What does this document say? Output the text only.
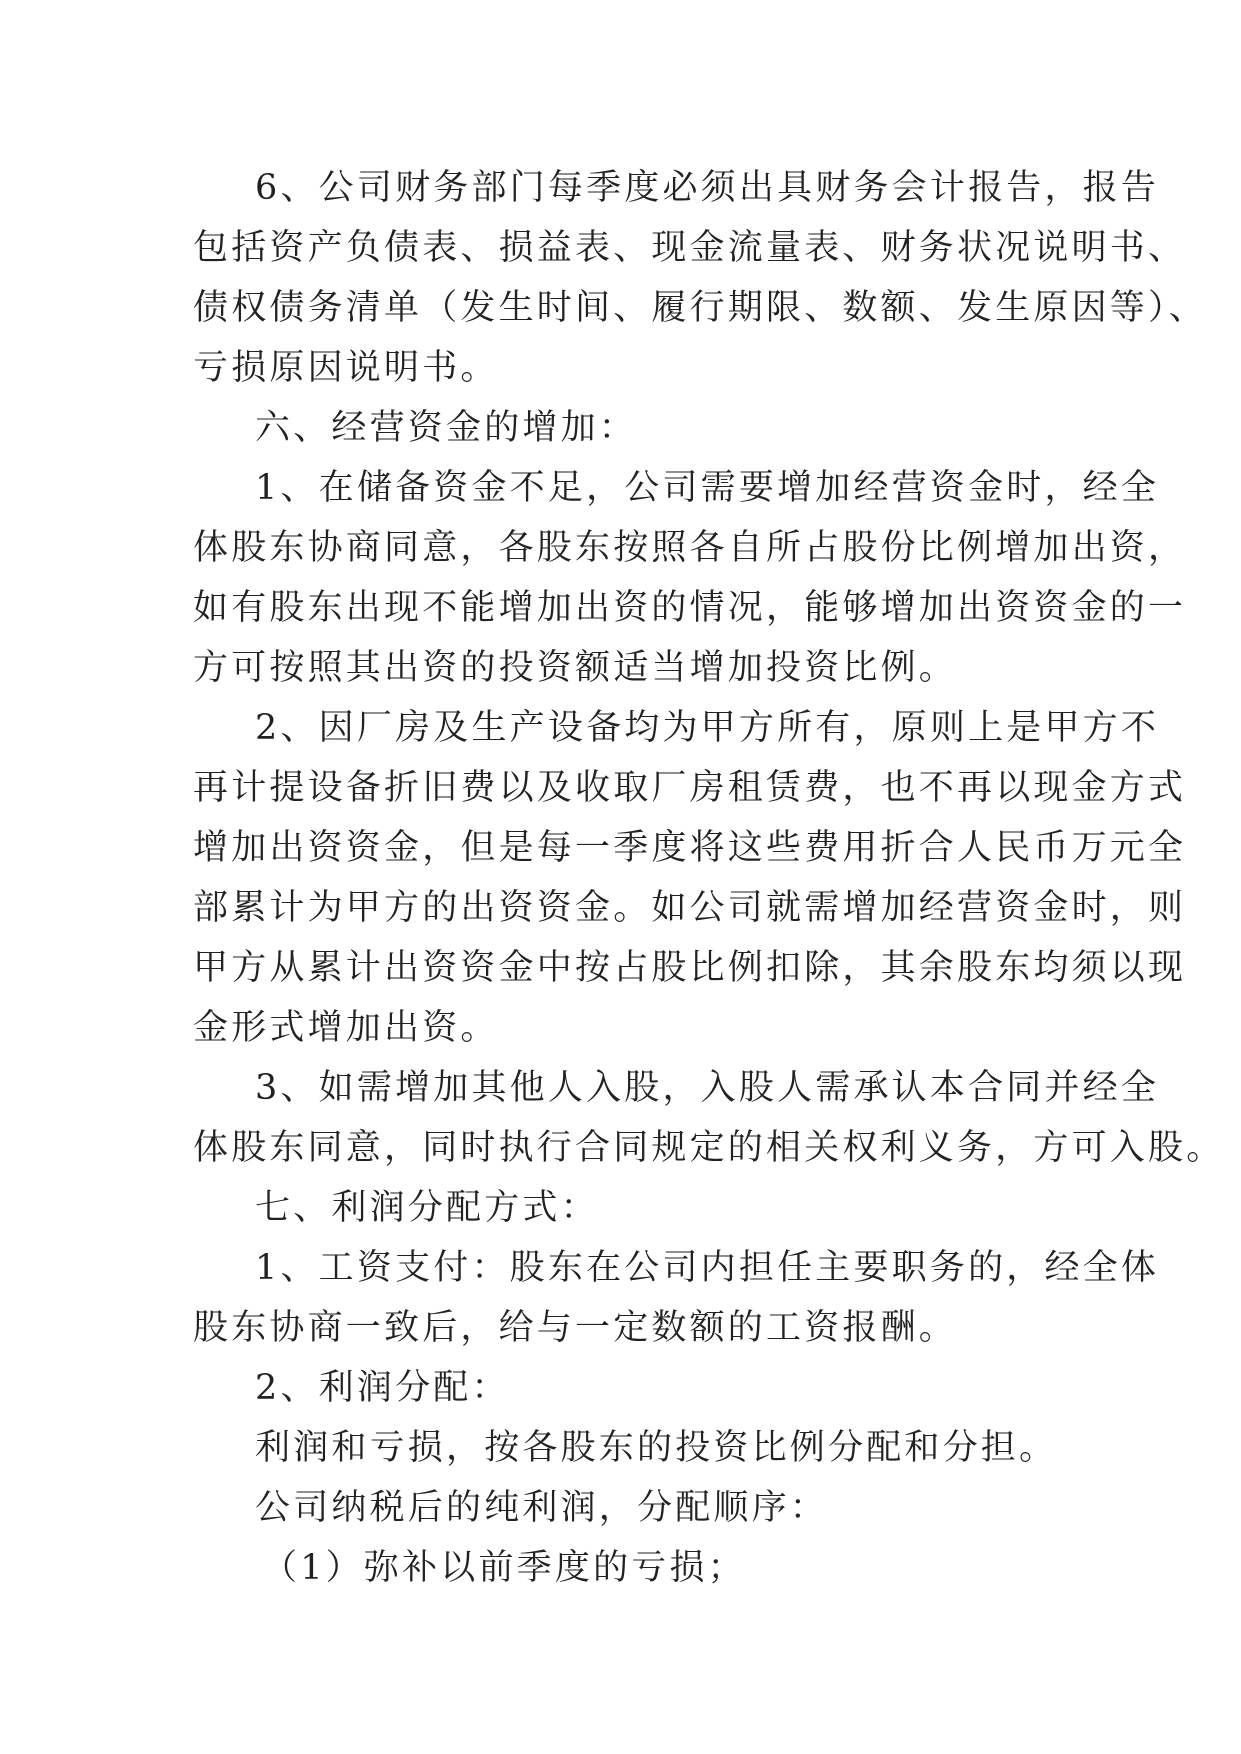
6、公司财务部门每季度必须出具财务会计报告，报告
包括资产负债表、损益表、现金流量表、财务状况说明书、
债权债务清单（发生时间、履行期限、数额、发生原因等）、
亏损原因说明书。
六、经营资金的增加：
1、在储备资金不足，公司需要增加经营资金时，经全
体股东协商同意，各股东按照各自所占股份比例增加出资，
如有股东出现不能增加出资的情况，能够增加出资资金的一
方可按照其出资的投资额适当增加投资比例。
2、因厂房及生产设备均为甲方所有，原则上是甲方不
再计提设备折旧费以及收取厂房租赁费，也不再以现金方式
增加出资资金，但是每一季度将这些费用折合人民币万元全
部累计为甲方的出资资金。如公司就需增加经营资金时，则
甲方从累计出资资金中按占股比例扣除，其余股东均须以现
金形式增加出资。
3、如需增加其他人入股，入股人需承认本合同并经全
体股东同意，同时执行合同规定的相关权利义务，方可入股。
七、利润分配方式：
1、工资支付：股东在公司内担任主要职务的，经全体
股东协商一致后，给与一定数额的工资报酬。
2、利润分配：
利润和亏损，按各股东的投资比例分配和分担。
公司纳税后的纯利润，分配顺序：
（1）弥补以前季度的亏损；
